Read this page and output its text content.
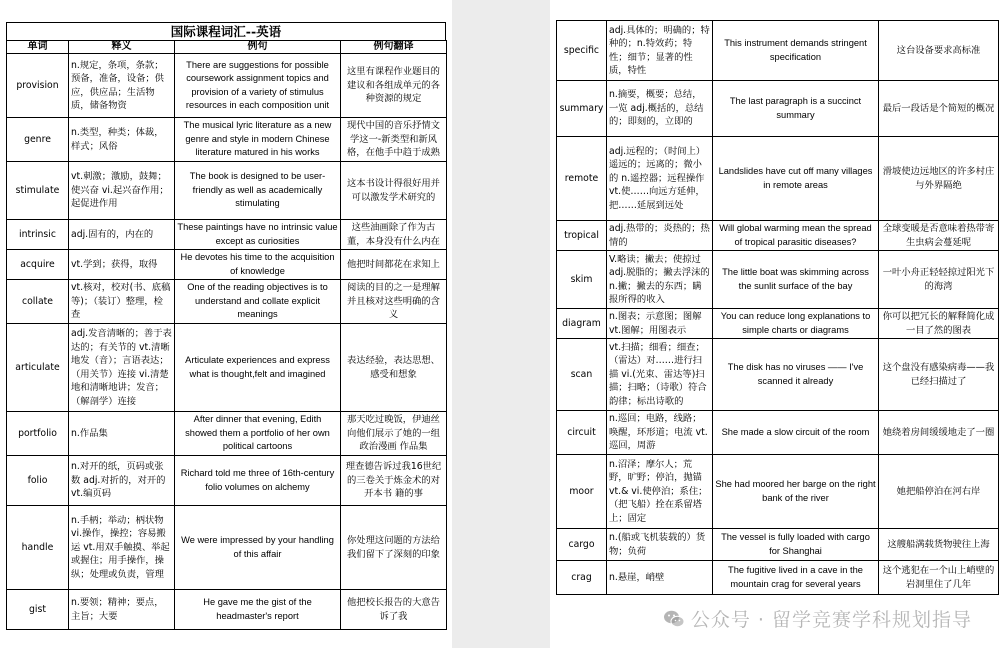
国际课程词汇--英语
单词	释义	例句	例句翻译
provision	n.规定，条项，条款；预备，准备，设备；供应，供应品；生活物质，储备物资	There are suggestions for possible coursework assignment topics and provision of a variety of stimulus resources in each composition unit	这里有课程作业题目的建议和各组成单元的各种资源的规定
genre	n.类型，种类；体裁，样式；风俗	The musical lyric literature as a new genre and style in modern Chinese literature matured in his works	现代中国的音乐抒情文学这一-新类型和新风格，在他手中趋于成熟
stimulate	vt.刺激；激励，鼓舞；使兴奋 vi.起兴奋作用；起促进作用	The book is designed to be user-friendly as well as academically stimulating	这本书设计得很好用并可以激发学术研究的
intrinsic	adj.固有的，内在的	These paintings have no intrinsic value except as curiosities	这些油画除了作为古董，本身没有什么内在
acquire	vt.学到；获得，取得	He devotes his time to the acquisition of knowledge	他把时间都花在求知上
collate	vt.核对，校对(书、底稿等)；（装订）整理，检查	One of the reading objectives is to understand and collate explicit meanings	阅读的目的之一是理解并且核对这些明确的含义
articulate	adj.发音清晰的；善于表达的；有关节的 vt.清晰地发（音）；言语表达；（用关节）连接 vi.清楚地和清晰地讲；发音；（解剖学）连接	Articulate experiences and express what is thought,felt and imagined	表达经验，表达思想、感受和想象
portfolio	n.作品集	After dinner that evening, Edith showed them a portfolio of her own political cartoons	那天吃过晚饭，伊迪丝向他们展示了她的一组政治漫画 作品集
folio	n.对开的纸，页码或张数 adj.对折的，对开的 vt.编页码	Richard told me three of 16th-century folio volumes on alchemy	理查德告诉过我16世纪的三卷关于炼金术的对开本书 籍的事
handle	n.手柄；举动；柄状物 vi.操作，操控；容易搬运 vt.用双手触摸、举起或握住；用手操作，操纵；处理或负责，管理	We were impressed by your handling of this affair	你处理这问题的方法给我们留下了深刻的印象
gist	n.要领；精神；要点，主旨；大要	He gave me the gist of the headmaster's report	他把校长报告的大意告诉了我
specific	adj.具体的；明确的；特种的；n.特效药；特性；细节；显著的性质，特性	This instrument demands stringent specification	这台设备要求高标准
summary	n.摘要，概要；总结，一览 adj.概括的，总结的；即刻的，立即的	The last paragraph is a succinct summary	最后一段话是个简短的概况
remote	adj.远程的；（时间上）遥远的；远离的；微小的 n.遥控器；远程操作 vt.使……向远方延伸，把……延展到远处	Landslides have cut off many villages in remote areas	滑坡使边远地区的许多村庄与外界隔绝
tropical	adj.热带的；炎热的；热情的	Will global warming mean the spread of tropical parasitic diseases?	全球变暖是否意味着热带寄生虫病会蔓延呢
skim	V.略读；撇去；使掠过 adj.脱脂的；撇去浮沫的 n.撇；撇去的东西；瞒报所得的收入	The little boat was skimming across the sunlit surface of the bay	一叶小舟正轻轻掠过阳光下的海湾
diagram	n.图表；示意图；图解 vt.图解；用图表示	You can reduce long explanations to simple charts or diagrams	你可以把冗长的解释简化成一目了然的图表
scan	vt.扫描；细看；细查；（雷达）对……进行扫描 vi.(光束、雷达等)扫描；扫略；（诗歌）符合韵律；标出诗歌的	The disk has no viruses —— I've scanned it already	这个盘没有感染病毒——我已经扫描过了
circuit	n.巡回；电路，线路；唤醒，环形道；电流 vt.巡回，周游	She made a slow circuit of the room	她绕着房间缓缓地走了一圈
moor	n.沼泽；摩尔人；荒野，旷野；停泊，抛锚 vt.& vi.使停泊；系住；（把飞船）拴在系留塔上；固定	She had moored her barge on the right bank of the river	她把船停泊在河右岸
cargo	n.(船或飞机装载的）货物；负荷	The vessel is fully loaded with cargo for Shanghai	这艘船满载货物驶往上海
crag	n.悬崖，峭壁	The fugitive lived in a cave in the mountain crag for several years	这个逃犯在一个山上峭壁的岩洞里住了几年
公众号 · 留学竞赛学科规划指导
